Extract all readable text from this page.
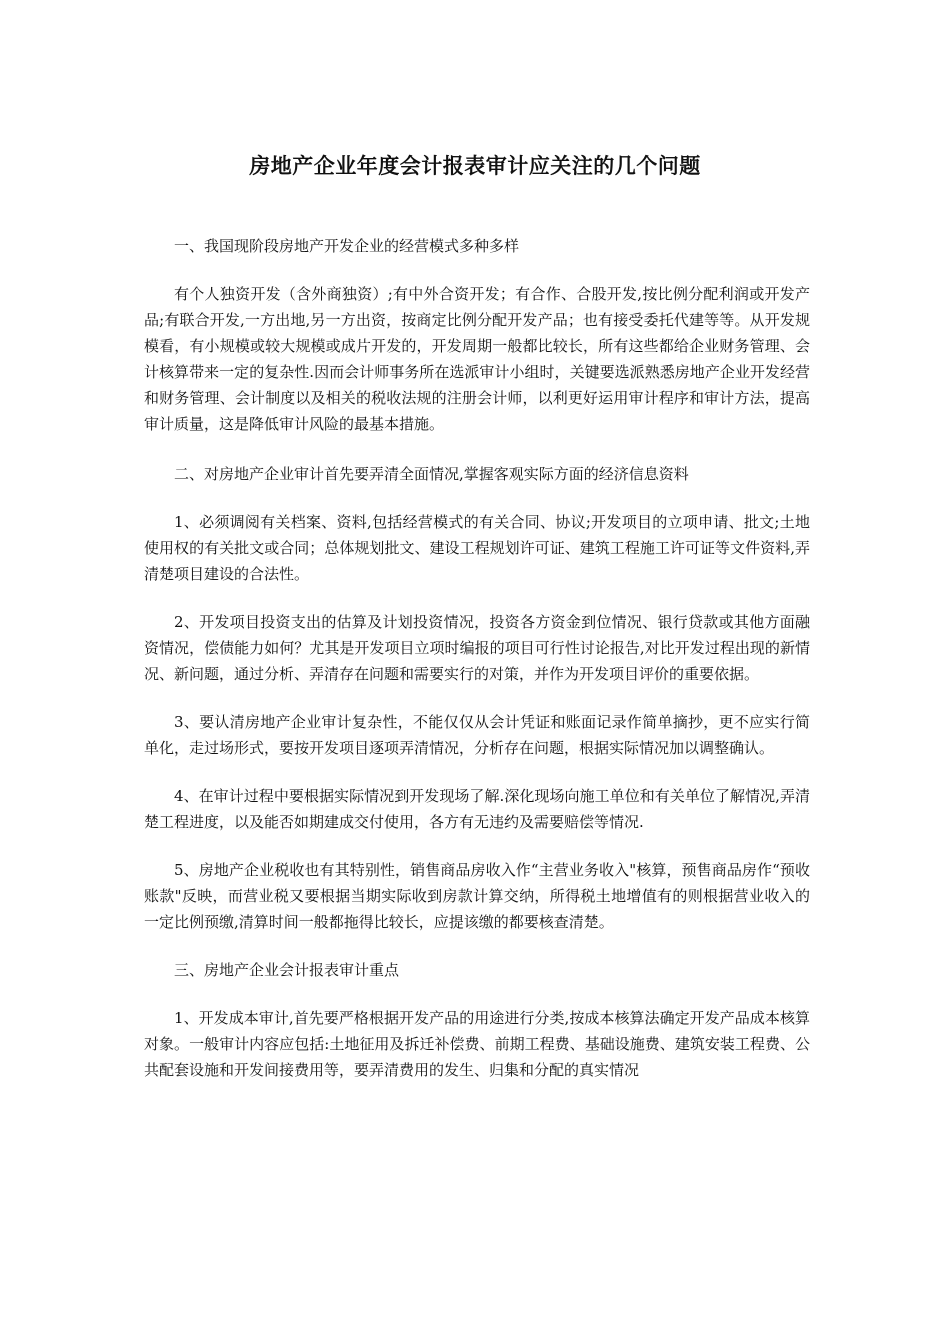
房地产企业年度会计报表审计应关注的几个问题
一、我国现阶段房地产开发企业的经营模式多种多样

有个人独资开发（含外商独资）;有中外合资开发；有合作、合股开发,按比例分配利润或开发产品;有联合开发,一方出地,另一方出资，按商定比例分配开发产品；也有接受委托代建等等。从开发规模看，有小规模或较大规模或成片开发的，开发周期一般都比较长，所有这些都给企业财务管理、会计核算带来一定的复杂性.因而会计师事务所在选派审计小组时，关键要选派熟悉房地产企业开发经营和财务管理、会计制度以及相关的税收法规的注册会计师，以利更好运用审计程序和审计方法，提高审计质量，这是降低审计风险的最基本措施。

二、对房地产企业审计首先要弄清全面情况,掌握客观实际方面的经济信息资料

1、必须调阅有关档案、资料,包括经营模式的有关合同、协议;开发项目的立项申请、批文;土地使用权的有关批文或合同；总体规划批文、建设工程规划许可证、建筑工程施工许可证等文件资料,弄清楚项目建设的合法性。

2、开发项目投资支出的估算及计划投资情况，投资各方资金到位情况、银行贷款或其他方面融资情况，偿债能力如何？尤其是开发项目立项时编报的项目可行性讨论报告,对比开发过程出现的新情况、新问题，通过分析、弄清存在问题和需要实行的对策，并作为开发项目评价的重要依据。

3、要认清房地产企业审计复杂性，不能仅仅从会计凭证和账面记录作简单摘抄，更不应实行简单化，走过场形式，要按开发项目逐项弄清情况，分析存在问题，根据实际情况加以调整确认。

4、在审计过程中要根据实际情况到开发现场了解.深化现场向施工单位和有关单位了解情况,弄清楚工程进度，以及能否如期建成交付使用，各方有无违约及需要赔偿等情况.

5、房地产企业税收也有其特别性，销售商品房收入作“主营业务收入"核算，预售商品房作“预收账款"反映，而营业税又要根据当期实际收到房款计算交纳，所得税土地增值有的则根据营业收入的一定比例预缴,清算时间一般都拖得比较长，应提该缴的都要核查清楚。

三、房地产企业会计报表审计重点

1、开发成本审计,首先要严格根据开发产品的用途进行分类,按成本核算法确定开发产品成本核算对象。一般审计内容应包括:土地征用及拆迁补偿费、前期工程费、基础设施费、建筑安装工程费、公共配套设施和开发间接费用等，要弄清费用的发生、归集和分配的真实情况
